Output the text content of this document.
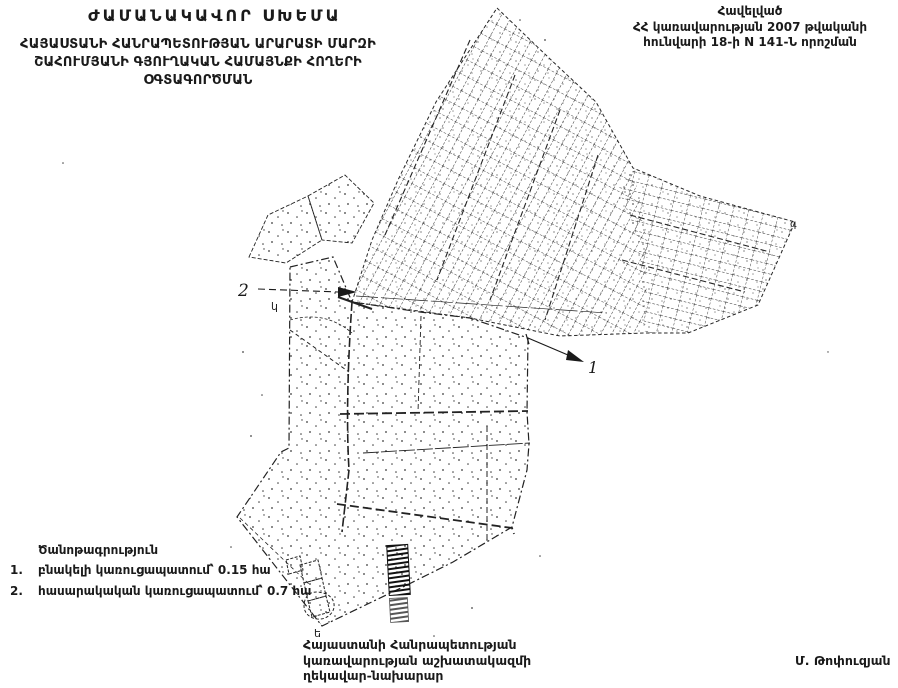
2
կ
1
ե
գ
ԺԱՄԱՆԱԿԱՎՈՐ ՍԽԵՄԱ
ՀԱՅԱՍՏԱՆԻ ՀԱՆՐԱՊԵՏՈՒԹՅԱՆ ԱՐԱՐԱՏԻ ՄԱՐԶԻ
ՇԱՀՈՒՄՅԱՆԻ ԳՅՈՒՂԱԿԱՆ ՀԱՄԱՅՆՔԻ ՀՈՂԵՐԻ
ՕԳՏԱԳՈՐԾՄԱՆ
Հավելված
ՀՀ կառավարության 2007 թվականի
հունվարի 18-ի N 141-Ն որոշման
Ծանոթագրություն
1.	բնակելի կառուցապատում՝ 0.15 հա
2.	հասարակական կառուցապատում՝ 0.7 հա
Հայաստանի Հանրապետության
կառավարության աշխատակազմի
ղեկավար-նախարար
Մ. Թոփուզյան
